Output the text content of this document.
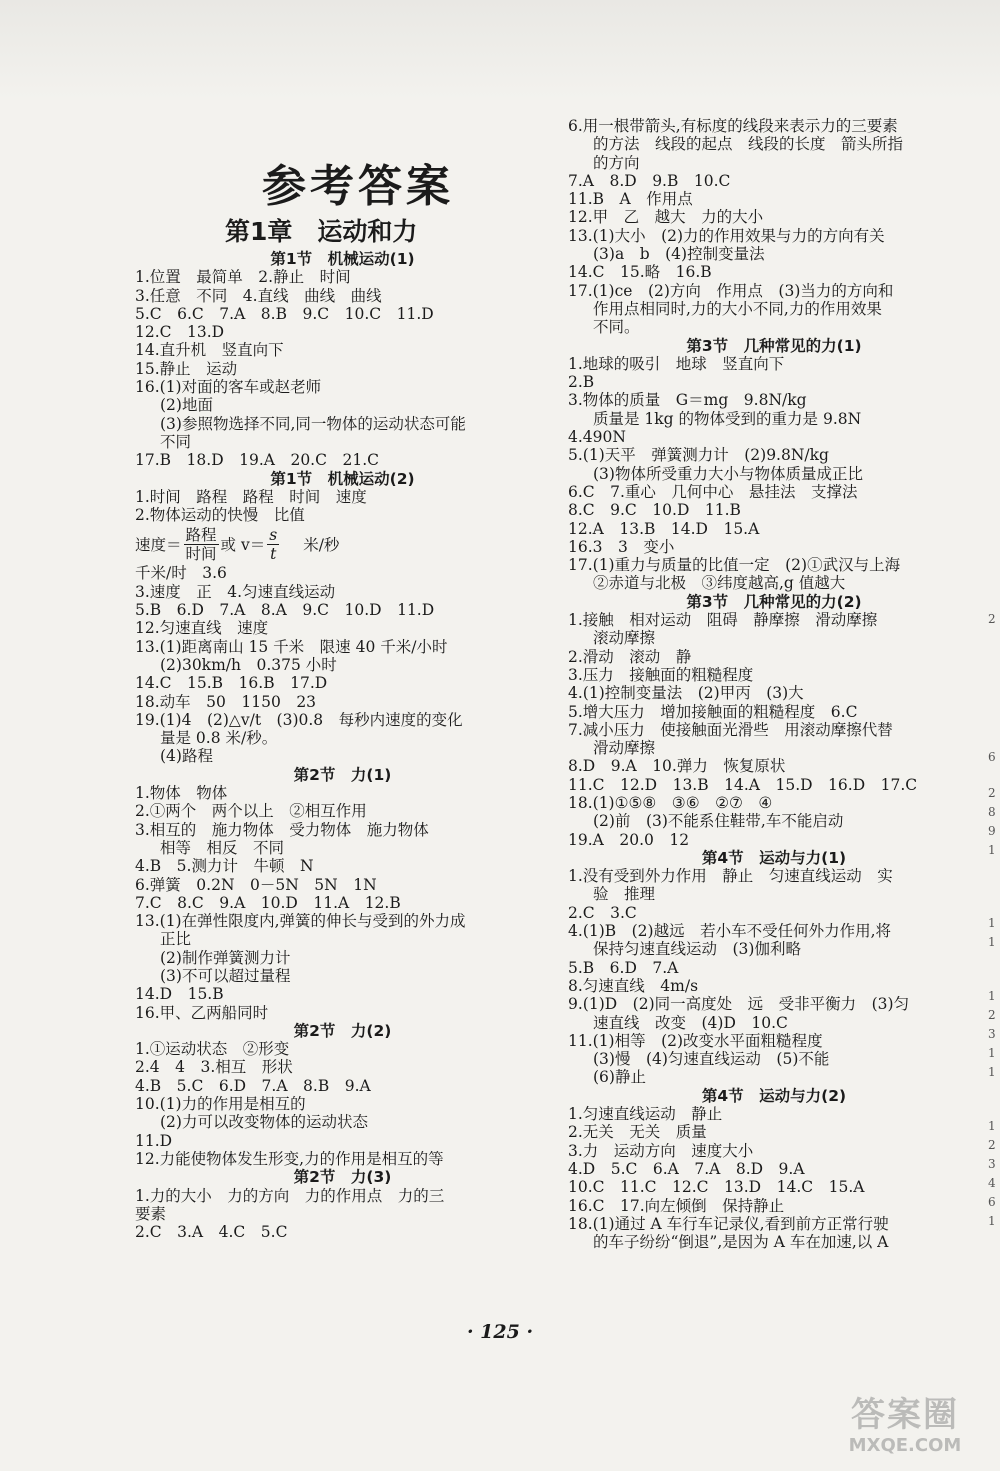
参考答案
第1章　运动和力
第1节　机械运动(1)
1.位置　最简单　2.静止　时间
3.任意　不同　4.直线　曲线　曲线
5.C　6.C　7.A　8.B　9.C　10.C　11.D
12.C　13.D
14.直升机　竖直向下
15.静止　运动
16.(1)对面的客车或赵老师
(2)地面
(3)参照物选择不同,同一物体的运动状态可能
不同
17.B　18.D　19.A　20.C　21.C
第1节　机械运动(2)
1.时间　路程　路程　时间　速度
2.物体运动的快慢　比值
速度＝ $\frac{\text{路程}}{\text{时间}}$ 或 $v= \frac{s}{t}$ 米/秒
千米/时　3.6
3.速度　正　4.匀速直线运动
5.B　6.D　7.A　8.A　9.C　10.D　11.D
12.匀速直线　速度
13.(1)距离南山 15 千米　限速 40 千米/小时
(2)30km/h　0.375 小时
14.C　15.B　16.B　17.D
18.动车　50　1150　23
19.(1)4　(2)△v/t　(3)0.8　每秒内速度的变化
量是 0.8 米/秒。
(4)路程
第2节　力(1)
1.物体　物体
2.①两个　两个以上　②相互作用
3.相互的　施力物体　受力物体　施力物体
相等　相反　不同
4.B　5.测力计　牛顿　N
6.弹簧　0.2N　0－5N　5N　1N
7.C　8.C　9.A　10.D　11.A　12.B
13.(1)在弹性限度内,弹簧的伸长与受到的外力成
正比
(2)制作弹簧测力计
(3)不可以超过量程
14.D　15.B
16.甲、乙两船同时
第2节　力(2)
1.①运动状态　②形变
2.4　4　3.相互　形状
4.B　5.C　6.D　7.A　8.B　9.A
10.(1)力的作用是相互的
(2)力可以改变物体的运动状态
11.D
12.力能使物体发生形变,力的作用是相互的等
第2节　力(3)
1.力的大小　力的方向　力的作用点　力的三
要素
2.C　3.A　4.C　5.C
6.用一根带箭头,有标度的线段来表示力的三要素
的方法　线段的起点　线段的长度　箭头所指
的方向
7.A　8.D　9.B　10.C
11.B　A　作用点
12.甲　乙　越大　力的大小
13.(1)大小　(2)力的作用效果与力的方向有关
(3)a　b　(4)控制变量法
14.C　15.略　16.B
17.(1)ce　(2)方向　作用点　(3)当力的方向和
作用点相同时,力的大小不同,力的作用效果
不同。
第3节　几种常见的力(1)
1.地球的吸引　地球　竖直向下
2.B
3.物体的质量　G＝mg　9.8N/kg
质量是 1kg 的物体受到的重力是 9.8N
4.490N
5.(1)天平　弹簧测力计　(2)9.8N/kg
(3)物体所受重力大小与物体质量成正比
6.C　7.重心　几何中心　悬挂法　支撑法
8.C　9.C　10.D　11.B
12.A　13.B　14.D　15.A
16.3　3　变小
17.(1)重力与质量的比值一定　(2)①武汉与上海
②赤道与北极　③纬度越高,g 值越大
第3节　几种常见的力(2)
1.接触　相对运动　阻碍　静摩擦　滑动摩擦
滚动摩擦
2.滑动　滚动　静
3.压力　接触面的粗糙程度
4.(1)控制变量法　(2)甲丙　(3)大
5.增大压力　增加接触面的粗糙程度　6.C
7.减小压力　使接触面光滑些　用滚动摩擦代替
滑动摩擦
8.D　9.A　10.弹力　恢复原状
11.C　12.D　13.B　14.A　15.D　16.D　17.C
18.(1)①⑤⑧　③⑥　②⑦　④
(2)前　(3)不能系住鞋带,车不能启动
19.A　20.0　12
第4节　运动与力(1)
1.没有受到外力作用　静止　匀速直线运动　实
验　推理
2.C　3.C
4.(1)B　(2)越远　若小车不受任何外力作用,将
保持匀速直线运动　(3)伽利略
5.B　6.D　7.A
8.匀速直线　4m/s
9.(1)D　(2)同一高度处　远　受非平衡力　(3)匀
速直线　改变　(4)D　10.C
11.(1)相等　(2)改变水平面粗糙程度
(3)慢　(4)匀速直线运动　(5)不能
(6)静止
第4节　运动与力(2)
1.匀速直线运动　静止
2.无关　无关　质量
3.力　运动方向　速度大小
4.D　5.C　6.A　7.A　8.D　9.A
10.C　11.C　12.C　13.D　14.C　15.A
16.C　17.向左倾倒　保持静止
18.(1)通过 A 车行车记录仪,看到前方正常行驶
的车子纷纷“倒退”,是因为 A 车在加速,以 A
· 125 ·
2
6
2
8
9
1
1
1
1
2
3
1
1
1
2
3
4
6
1
答案圈
MXQE.COM
